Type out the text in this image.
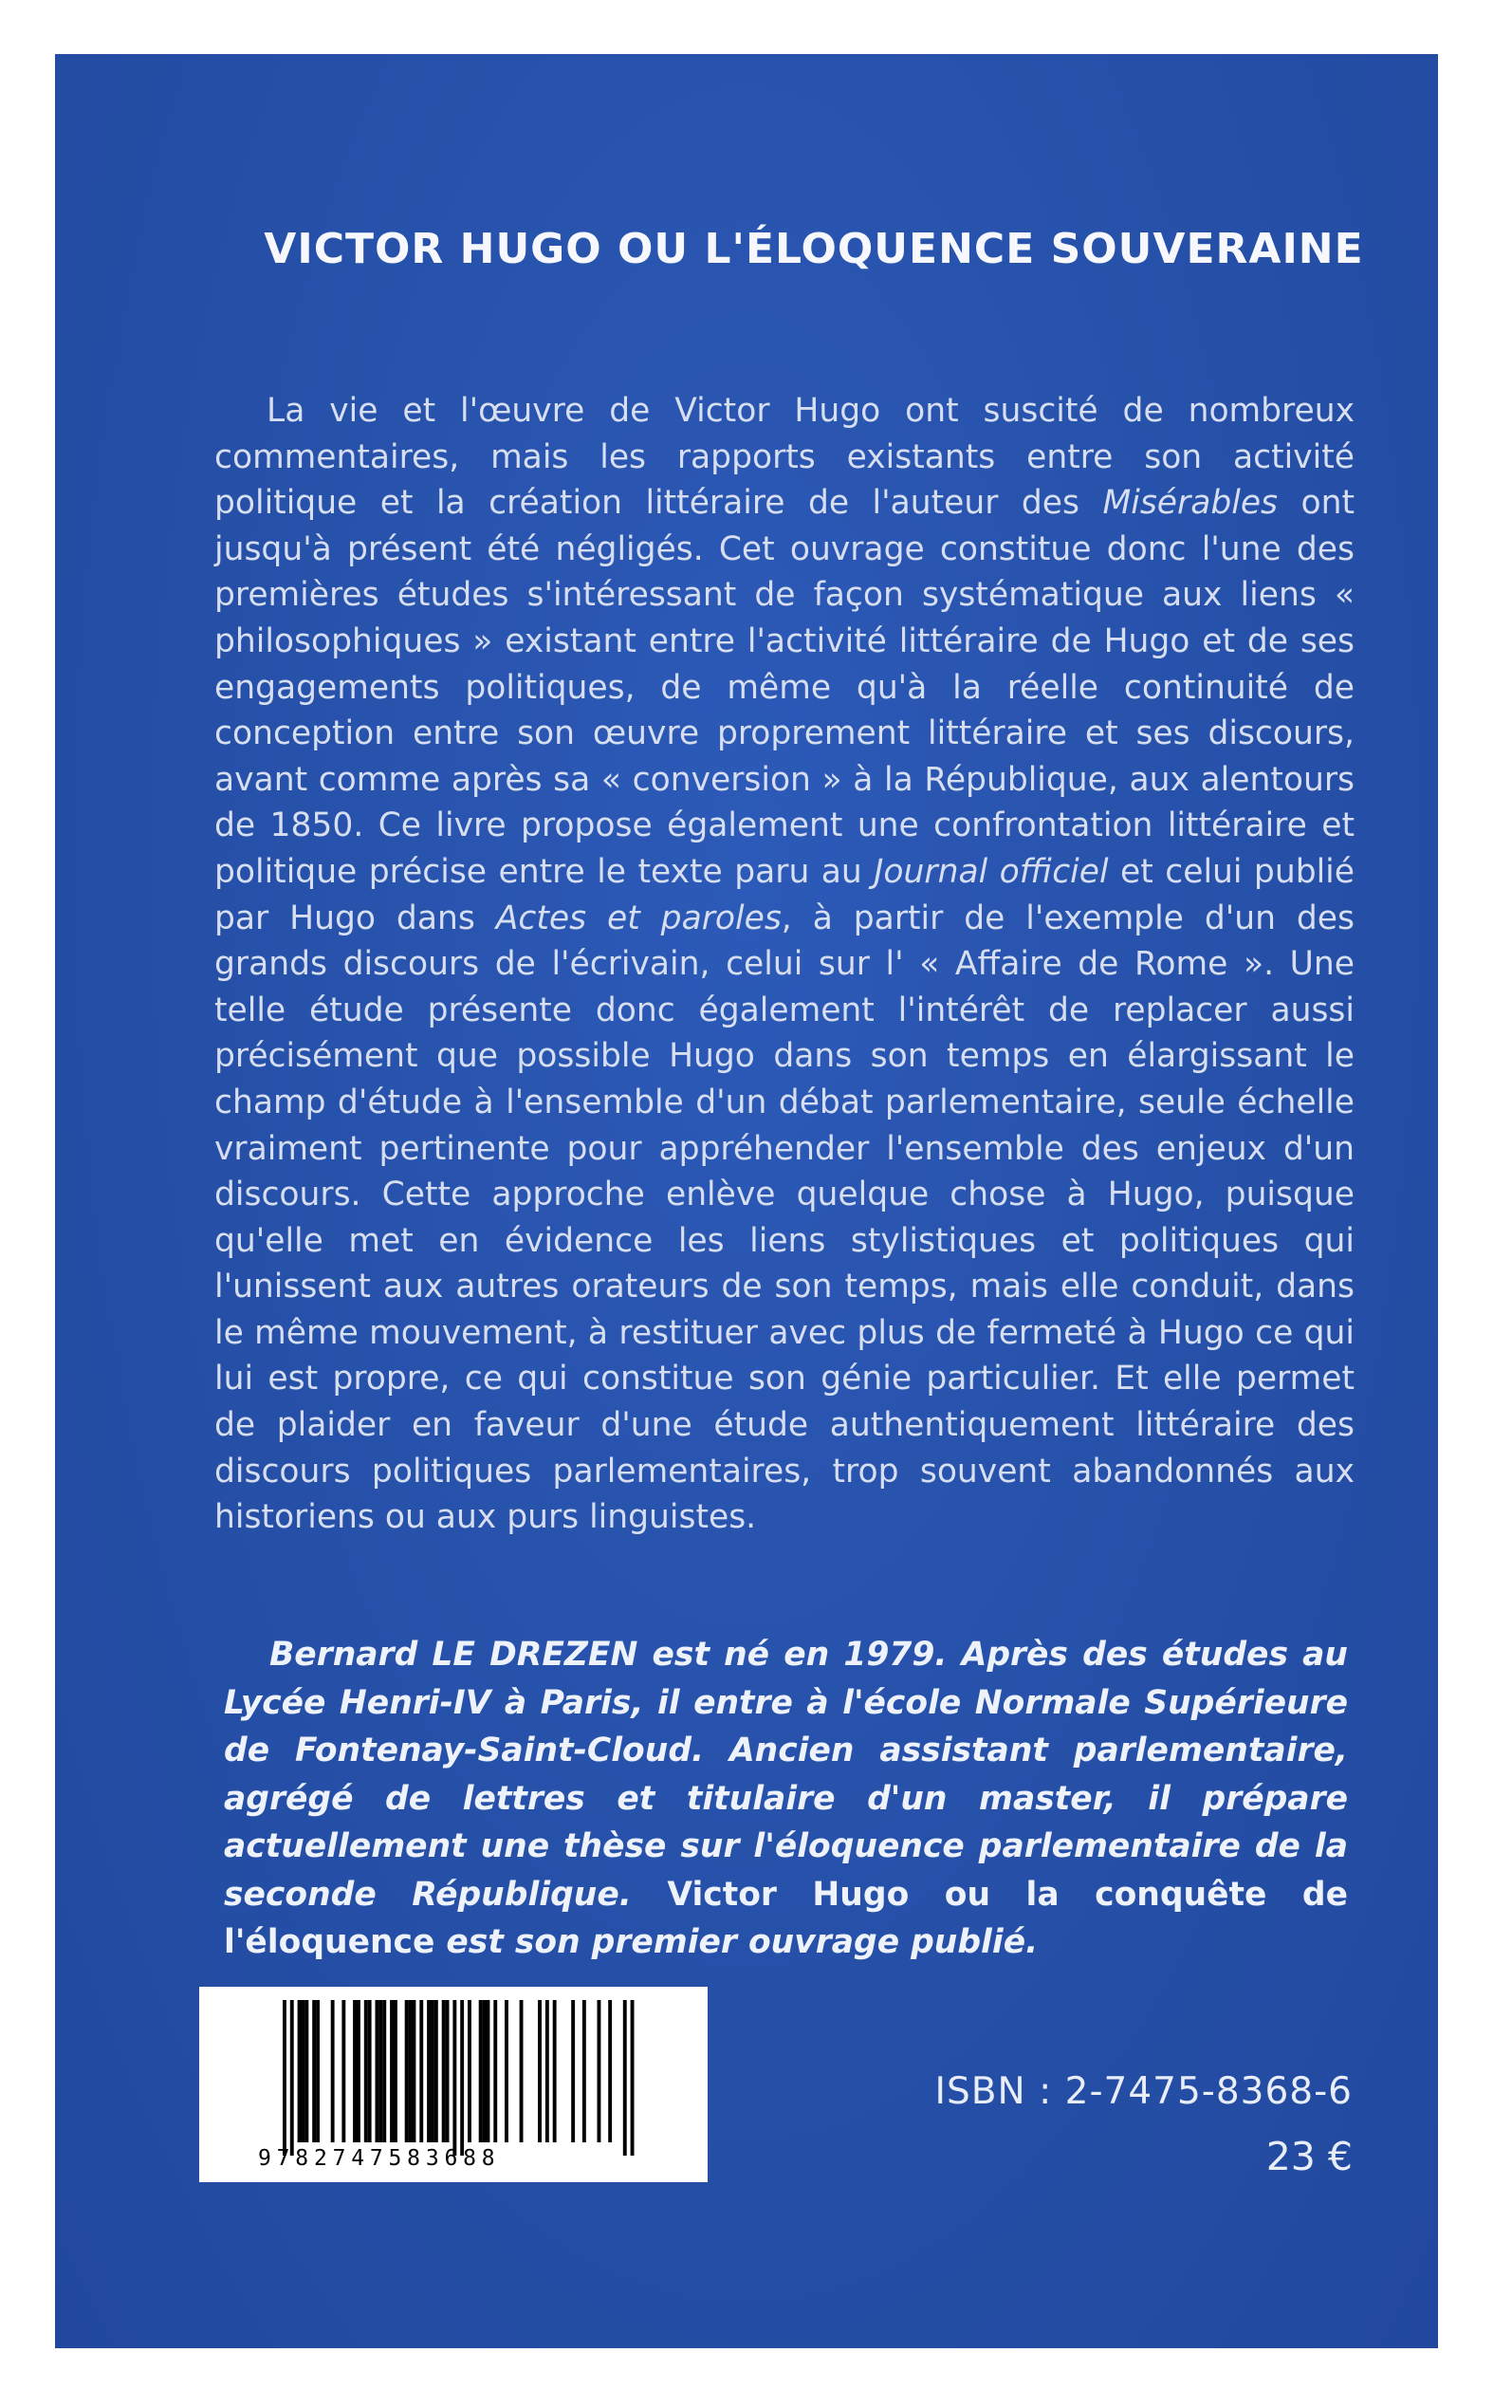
VICTOR HUGO OU L'ÉLOQUENCE SOUVERAINE

La vie et l'œuvre de Victor Hugo ont suscité de nombreux commentaires, mais les rapports existants entre son activité politique et la création littéraire de l'auteur des Misérables ont jusqu'à présent été négligés. Cet ouvrage constitue donc l'une des premières études s'intéressant de façon systématique aux liens « philosophiques » existant entre l'activité littéraire de Hugo et de ses engagements politiques, de même qu'à la réelle continuité de conception entre son œuvre proprement littéraire et ses discours, avant comme après sa « conversion » à la République, aux alentours de 1850. Ce livre propose également une confrontation littéraire et politique précise entre le texte paru au Journal officiel et celui publié par Hugo dans Actes et paroles, à partir de l'exemple d'un des grands discours de l'écrivain, celui sur l' « Affaire de Rome ». Une telle étude présente donc également l'intérêt de replacer aussi précisément que possible Hugo dans son temps en élargissant le champ d'étude à l'ensemble d'un débat parlementaire, seule échelle vraiment pertinente pour appréhender l'ensemble des enjeux d'un discours. Cette approche enlève quelque chose à Hugo, puisque qu'elle met en évidence les liens stylistiques et politiques qui l'unissent aux autres orateurs de son temps, mais elle conduit, dans le même mouvement, à restituer avec plus de fermeté à Hugo ce qui lui est propre, ce qui constitue son génie particulier. Et elle permet de plaider en faveur d'une étude authentiquement littéraire des discours politiques parlementaires, trop souvent abandonnés aux historiens ou aux purs linguistes.

Bernard LE DREZEN est né en 1979. Après des études au Lycée Henri-IV à Paris, il entre à l'école Normale Supérieure de Fontenay-Saint-Cloud. Ancien assistant parlementaire, agrégé de lettres et titulaire d'un master, il prépare actuellement une thèse sur l'éloquence parlementaire de la seconde République. Victor Hugo ou la conquête de l'éloquence est son premier ouvrage publié.

9782747583688
ISBN : 2-7475-8368-6
23 €
